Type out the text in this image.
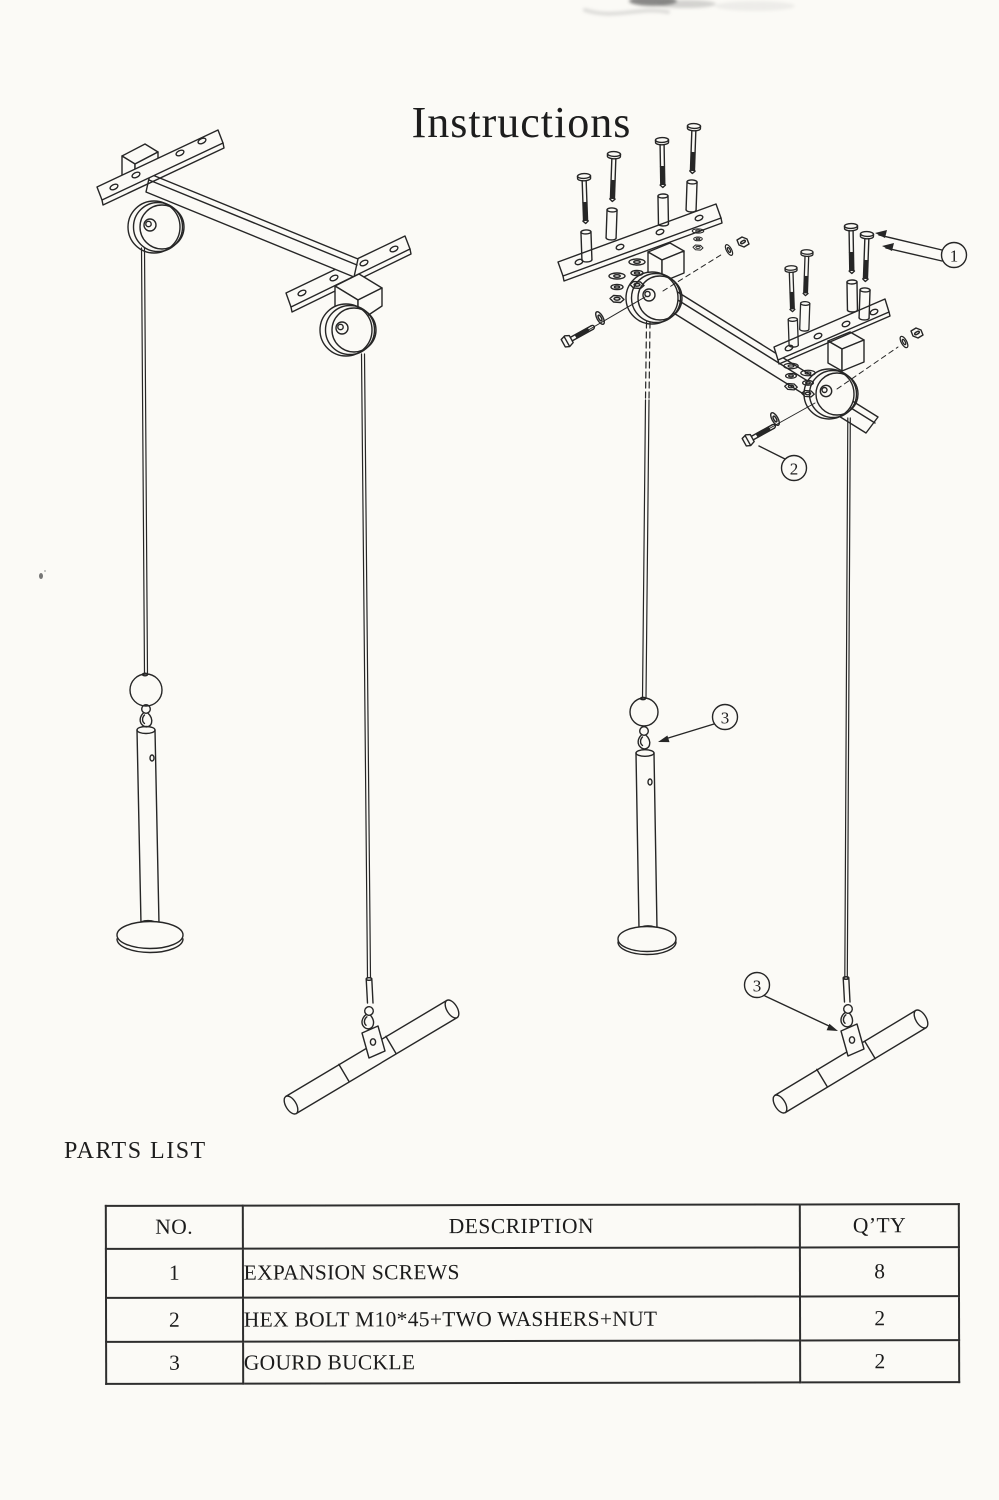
Instructions
1
2
3
3
PARTS LIST
NO.	DESCRIPTION	Q’TY
1	EXPANSION SCREWS	8
2	HEX BOLT M10*45+TWO WASHERS+NUT	2
3	GOURD BUCKLE	2
